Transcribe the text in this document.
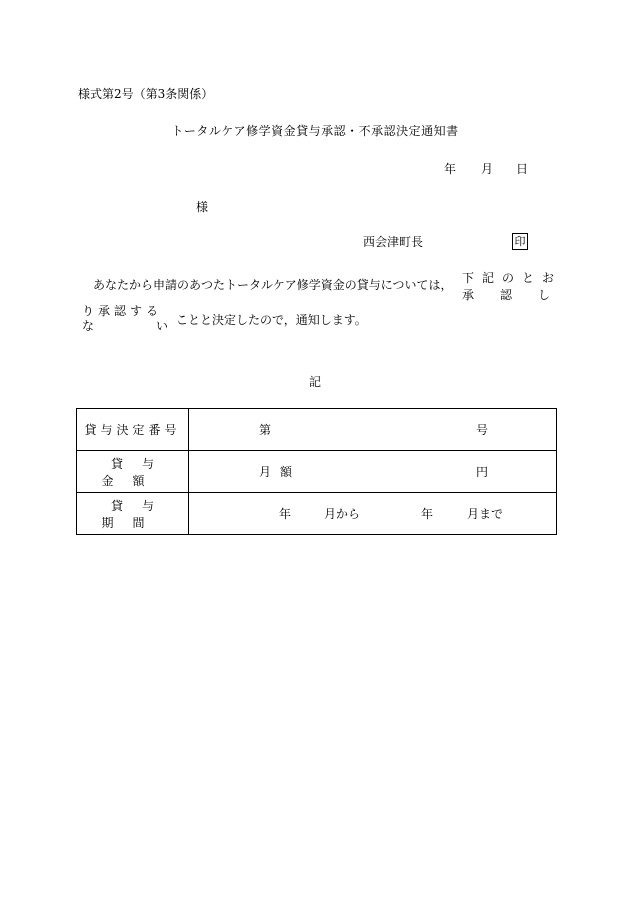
様式第2号（第3条関係）
トータルケア修学資金貸与承認・不承認決定通知書
年 月 日
様
西会津町長	印
あなたから申請のあつたトータルケア修学資金の貸与については， 下記のとお
承認し
り承認する
な	い ことと決定したので，通知します。
記
貸与決定番号	第 号

貸与金額	月額 円

貸与期間	年 月から 年 月まで
